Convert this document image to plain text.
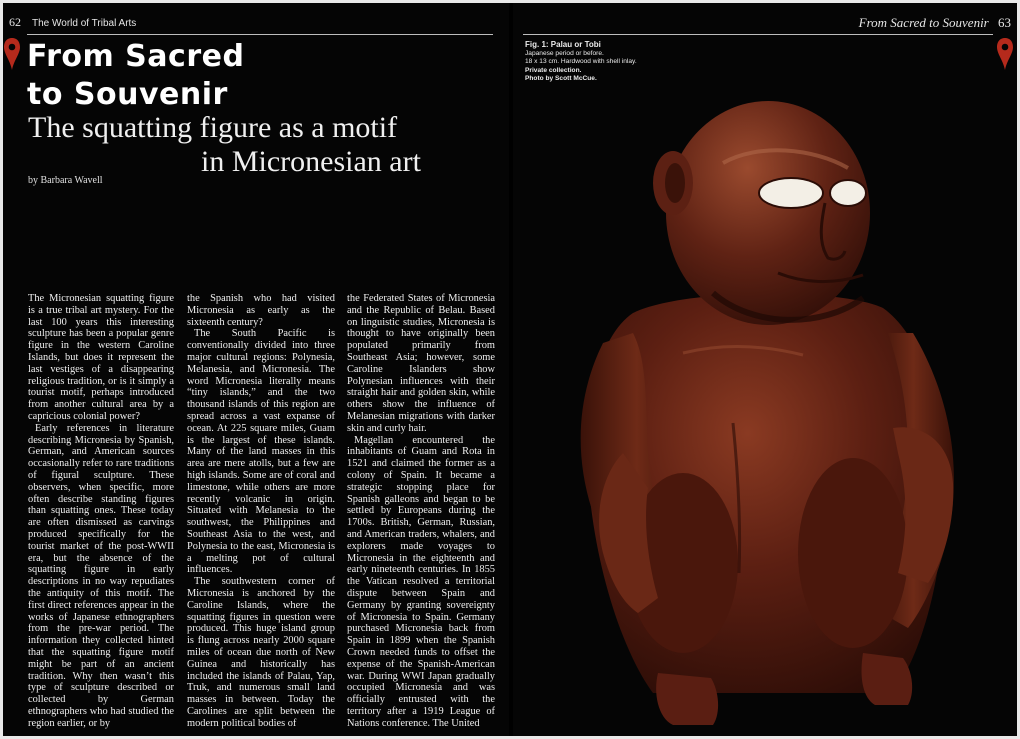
62 The World of Tribal Arts	From Sacred to Souvenir 63
From Sacred
to Souvenir
The squatting figure as a motif
in Micronesian art
by Barbara Wavell

The Micronesian squatting figure is a true tribal art mystery. For the last 100 years this interesting sculpture has been a popular genre figure in the western Caroline Islands, but does it represent the last vestiges of a disappearing religious tradition, or is it simply a tourist motif, perhaps introduced from another cultural area by a capricious colonial power?

Early references in literature describing Micronesia by Spanish, German, and American sources occasionally refer to rare traditions of figural sculpture. These observers, when specific, more often describe standing figures than squatting ones. These today are often dismissed as carvings produced specifically for the tourist market of the post-WWII era, but the absence of the squatting figure in early descriptions in no way repudiates the antiquity of this motif. The first direct references appear in the works of Japanese ethnographers from the pre-war period. The information they collected hinted that the squatting figure motif might be part of an ancient tradition. Why then wasn’t this type of sculpture described or collected by German ethnographers who had studied the region earlier, or by

the Spanish who had visited Micronesia as early as the sixteenth century?

The South Pacific is conventionally divided into three major cultural regions: Polynesia, Melanesia, and Micronesia. The word Micronesia literally means “tiny islands,” and the two thousand islands of this region are spread across a vast expanse of ocean. At 225 square miles, Guam is the largest of these islands. Many of the land masses in this area are mere atolls, but a few are high islands. Some are of coral and limestone, while others are more recently volcanic in origin. Situated with Melanesia to the southwest, the Philippines and Southeast Asia to the west, and Polynesia to the east, Micronesia is a melting pot of cultural influences.

The southwestern corner of Micronesia is anchored by the Caroline Islands, where the squatting figures in question were produced. This huge island group is flung across nearly 2000 square miles of ocean due north of New Guinea and historically has included the islands of Palau, Yap, Truk, and numerous small land masses in between. Today the Carolines are split between the modern political bodies of

the Federated States of Micronesia and the Republic of Belau. Based on linguistic studies, Micronesia is thought to have originally been populated primarily from Southeast Asia; however, some Caroline Islanders show Polynesian influences with their straight hair and golden skin, while others show the influence of Melanesian migrations with darker skin and curly hair.

Magellan encountered the inhabitants of Guam and Rota in 1521 and claimed the former as a colony of Spain. It became a strategic stopping place for Spanish galleons and began to be settled by Europeans during the 1700s. British, German, Russian, and American traders, whalers, and explorers made voyages to Micronesia in the eighteenth and early nineteenth centuries. In 1855 the Vatican resolved a territorial dispute between Spain and Germany by granting sovereignty of Micronesia to Spain. Germany purchased Micronesia back from Spain in 1899 when the Spanish Crown needed funds to offset the expense of the Spanish-American war. During WWI Japan gradually occupied Micronesia and was officially entrusted with the territory after a 1919 League of Nations conference. The United

Fig. 1: Palau or Tobi
Japanese period or before.
18 x 13 cm. Hardwood with shell inlay.
Private collection.
Photo by Scott McCue.
